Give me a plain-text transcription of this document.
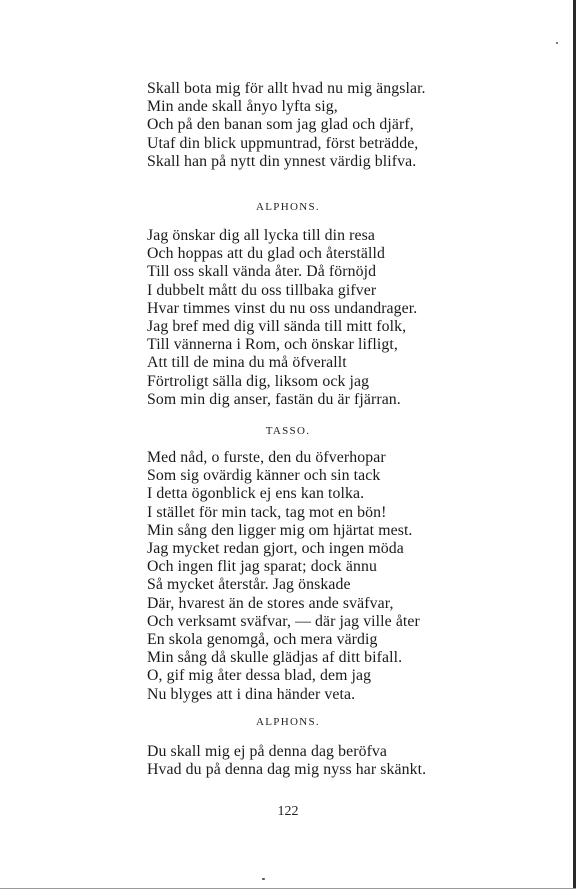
Skall bota mig för allt hvad nu mig ängslar.
Min ande skall ånyo lyfta sig,
Och på den banan som jag glad och djärf,
Utaf din blick uppmuntrad, först beträdde,
Skall han på nytt din ynnest värdig blifva.
ALPHONS.
Jag önskar dig all lycka till din resa
Och hoppas att du glad och återställd
Till oss skall vända åter. Då förnöjd
I dubbelt mått du oss tillbaka gifver
Hvar timmes vinst du nu oss undandrager.
Jag bref med dig vill sända till mitt folk,
Till vännerna i Rom, och önskar lifligt,
Att till de mina du må öfverallt
Förtroligt sälla dig, liksom ock jag
Som min dig anser, fastän du är fjärran.
TASSO.
Med nåd, o furste, den du öfverhopar
Som sig ovärdig känner och sin tack
I detta ögonblick ej ens kan tolka.
I stället för min tack, tag mot en bön!
Min sång den ligger mig om hjärtat mest.
Jag mycket redan gjort, och ingen möda
Och ingen flit jag sparat; dock ännu
Så mycket återstår. Jag önskade
Där, hvarest än de stores ande sväfvar,
Och verksamt sväfvar, — där jag ville åter
En skola genomgå, och mera värdig
Min sång då skulle glädjas af ditt bifall.
O, gif mig åter dessa blad, dem jag
Nu blyges att i dina händer veta.
ALPHONS.
Du skall mig ej på denna dag beröfva
Hvad du på denna dag mig nyss har skänkt.
122
